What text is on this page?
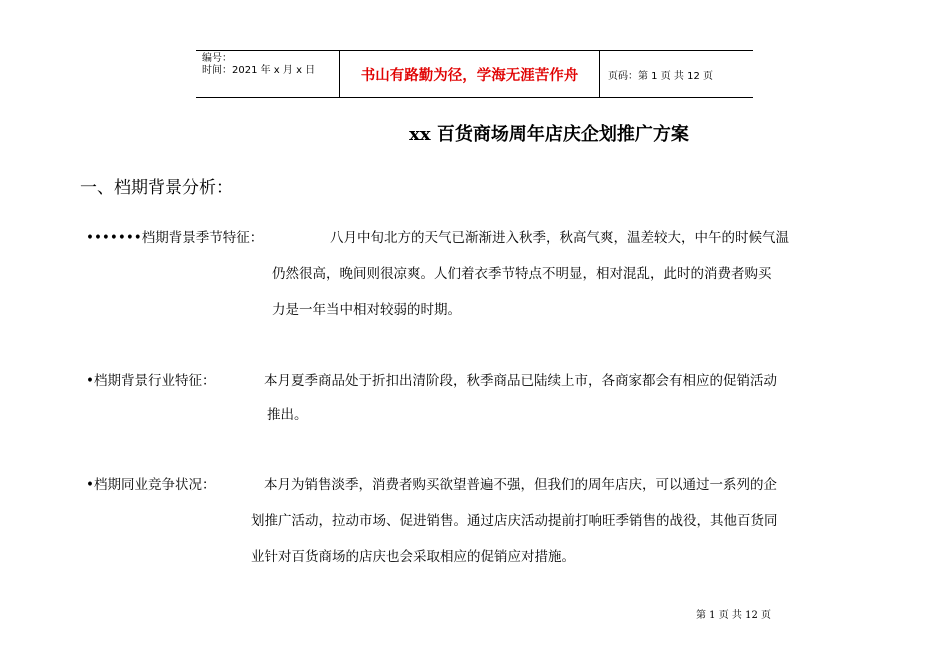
编号：
时间：2021 年 x 月 x 日	书山有路勤为径，学海无涯苦作舟	页码：第 1 页 共 12 页
xx 百货商场周年店庆企划推广方案
一、档期背景分析：
•••••••档期背景季节特征：	八月中旬北方的天气已渐渐进入秋季，秋高气爽，温差较大，中午的时候气温
仍然很高，晚间则很凉爽。人们着衣季节特点不明显，相对混乱，此时的消费者购买
力是一年当中相对较弱的时期。
•档期背景行业特征：	本月夏季商品处于折扣出清阶段，秋季商品已陆续上市，各商家都会有相应的促销活动
推出。
•档期同业竞争状况：	本月为销售淡季，消费者购买欲望普遍不强，但我们的周年店庆，可以通过一系列的企
划推广活动，拉动市场、促进销售。通过店庆活动提前打响旺季销售的战役，其他百货同
业针对百货商场的店庆也会采取相应的促销应对措施。
第 1 页 共 12 页
